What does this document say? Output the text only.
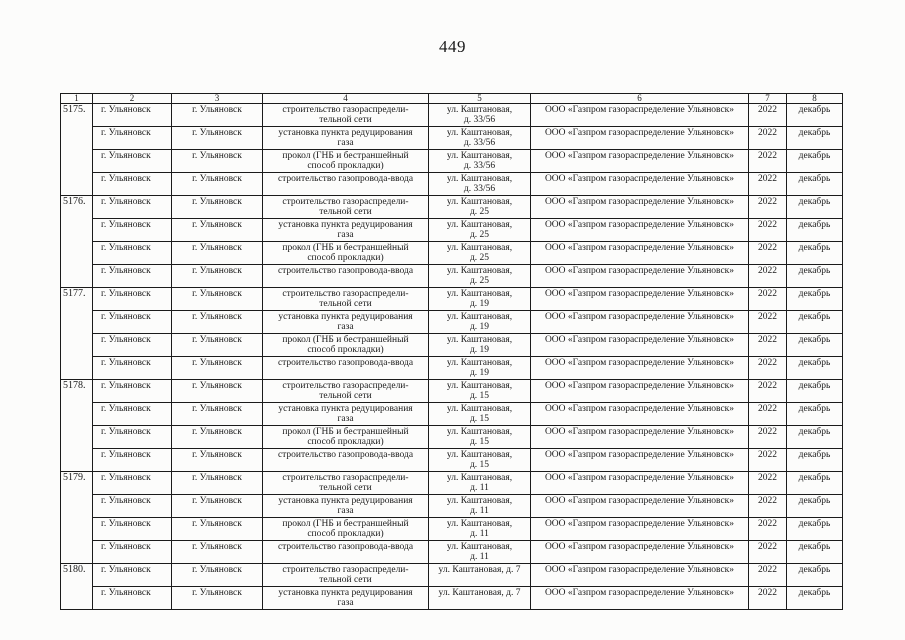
449
1	2	3	4	5	6	7	8
5175.	г. Ульяновск	г. Ульяновск	строительство газораспредели-
тельной сети	ул. Каштановая,
д. 33/56	ООО «Газпром газораспределение Ульяновск»	2022	декабрь
	г. Ульяновск	г. Ульяновск	установка пункта редуцирования
газа	ул. Каштановая,
д. 33/56	ООО «Газпром газораспределение Ульяновск»	2022	декабрь
	г. Ульяновск	г. Ульяновск	прокол (ГНБ и бестраншейный
способ прокладки)	ул. Каштановая,
д. 33/56	ООО «Газпром газораспределение Ульяновск»	2022	декабрь
	г. Ульяновск	г. Ульяновск	строительство газопровода-ввода	ул. Каштановая,
д. 33/56	ООО «Газпром газораспределение Ульяновск»	2022	декабрь
5176.	г. Ульяновск	г. Ульяновск	строительство газораспредели-
тельной сети	ул. Каштановая,
д. 25	ООО «Газпром газораспределение Ульяновск»	2022	декабрь
	г. Ульяновск	г. Ульяновск	установка пункта редуцирования
газа	ул. Каштановая,
д. 25	ООО «Газпром газораспределение Ульяновск»	2022	декабрь
	г. Ульяновск	г. Ульяновск	прокол (ГНБ и бестраншейный
способ прокладки)	ул. Каштановая,
д. 25	ООО «Газпром газораспределение Ульяновск»	2022	декабрь
	г. Ульяновск	г. Ульяновск	строительство газопровода-ввода	ул. Каштановая,
д. 25	ООО «Газпром газораспределение Ульяновск»	2022	декабрь
5177.	г. Ульяновск	г. Ульяновск	строительство газораспредели-
тельной сети	ул. Каштановая,
д. 19	ООО «Газпром газораспределение Ульяновск»	2022	декабрь
	г. Ульяновск	г. Ульяновск	установка пункта редуцирования
газа	ул. Каштановая,
д. 19	ООО «Газпром газораспределение Ульяновск»	2022	декабрь
	г. Ульяновск	г. Ульяновск	прокол (ГНБ и бестраншейный
способ прокладки)	ул. Каштановая,
д. 19	ООО «Газпром газораспределение Ульяновск»	2022	декабрь
	г. Ульяновск	г. Ульяновск	строительство газопровода-ввода	ул. Каштановая,
д. 19	ООО «Газпром газораспределение Ульяновск»	2022	декабрь
5178.	г. Ульяновск	г. Ульяновск	строительство газораспредели-
тельной сети	ул. Каштановая,
д. 15	ООО «Газпром газораспределение Ульяновск»	2022	декабрь
	г. Ульяновск	г. Ульяновск	установка пункта редуцирования
газа	ул. Каштановая,
д. 15	ООО «Газпром газораспределение Ульяновск»	2022	декабрь
	г. Ульяновск	г. Ульяновск	прокол (ГНБ и бестраншейный
способ прокладки)	ул. Каштановая,
д. 15	ООО «Газпром газораспределение Ульяновск»	2022	декабрь
	г. Ульяновск	г. Ульяновск	строительство газопровода-ввода	ул. Каштановая,
д. 15	ООО «Газпром газораспределение Ульяновск»	2022	декабрь
5179.	г. Ульяновск	г. Ульяновск	строительство газораспредели-
тельной сети	ул. Каштановая,
д. 11	ООО «Газпром газораспределение Ульяновск»	2022	декабрь
	г. Ульяновск	г. Ульяновск	установка пункта редуцирования
газа	ул. Каштановая,
д. 11	ООО «Газпром газораспределение Ульяновск»	2022	декабрь
	г. Ульяновск	г. Ульяновск	прокол (ГНБ и бестраншейный
способ прокладки)	ул. Каштановая,
д. 11	ООО «Газпром газораспределение Ульяновск»	2022	декабрь
	г. Ульяновск	г. Ульяновск	строительство газопровода-ввода	ул. Каштановая,
д. 11	ООО «Газпром газораспределение Ульяновск»	2022	декабрь
5180.	г. Ульяновск	г. Ульяновск	строительство газораспредели-
тельной сети	ул. Каштановая, д. 7	ООО «Газпром газораспределение Ульяновск»	2022	декабрь
	г. Ульяновск	г. Ульяновск	установка пункта редуцирования
газа	ул. Каштановая, д. 7	ООО «Газпром газораспределение Ульяновск»	2022	декабрь
